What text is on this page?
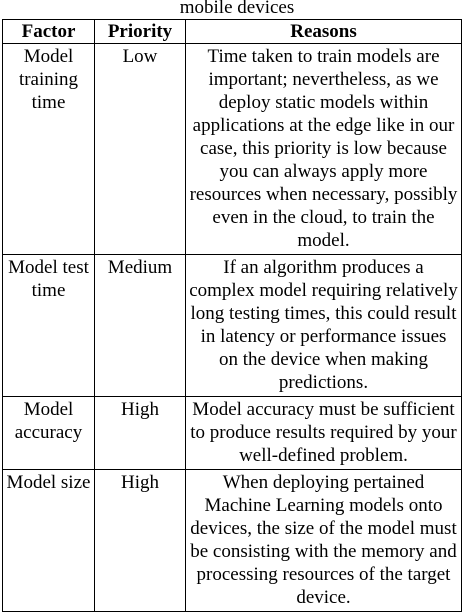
mobile devices
Factor	Priority	Reasons
Model training time	Low	Time taken to train models are important; nevertheless, as we deploy static models within applications at the edge like in our case, this priority is low because you can always apply more resources when necessary, possibly even in the cloud, to train the model.
Model test time	Medium	If an algorithm produces a complex model requiring relatively long testing times, this could result in latency or performance issues on the device when making predictions.
Model accuracy	High	Model accuracy must be sufficient to produce results required by your well-defined problem.
Model size	High	When deploying pertained Machine Learning models onto devices, the size of the model must be consisting with the memory and processing resources of the target device.
